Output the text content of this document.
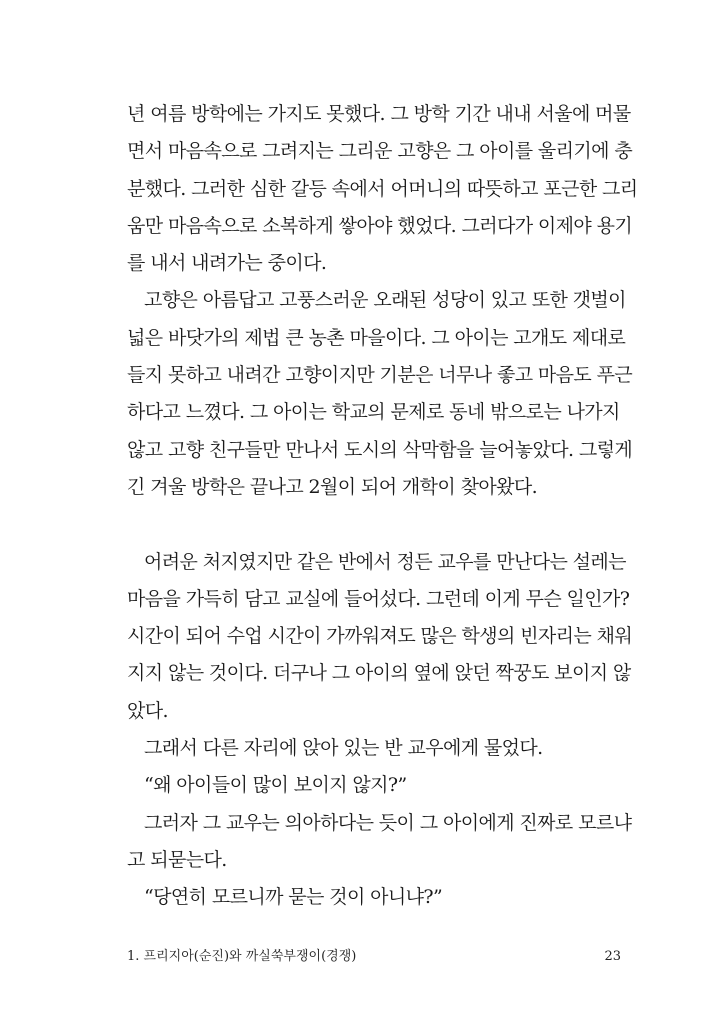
년 여름 방학에는 가지도 못했다. 그 방학 기간 내내 서울에 머물
면서 마음속으로 그려지는 그리운 고향은 그 아이를 울리기에 충
분했다. 그러한 심한 갈등 속에서 어머니의 따뜻하고 포근한 그리
움만 마음속으로 소복하게 쌓아야 했었다. 그러다가 이제야 용기
를 내서 내려가는 중이다.
고향은 아름답고 고풍스러운 오래된 성당이 있고 또한 갯벌이
넓은 바닷가의 제법 큰 농촌 마을이다. 그 아이는 고개도 제대로
들지 못하고 내려간 고향이지만 기분은 너무나 좋고 마음도 푸근
하다고 느꼈다. 그 아이는 학교의 문제로 동네 밖으로는 나가지
않고 고향 친구들만 만나서 도시의 삭막함을 늘어놓았다. 그렇게
긴 겨울 방학은 끝나고 2월이 되어 개학이 찾아왔다.
어려운 처지였지만 같은 반에서 정든 교우를 만난다는 설레는
마음을 가득히 담고 교실에 들어섰다. 그런데 이게 무슨 일인가?
시간이 되어 수업 시간이 가까워져도 많은 학생의 빈자리는 채워
지지 않는 것이다. 더구나 그 아이의 옆에 앉던 짝꿍도 보이지 않
았다.
그래서 다른 자리에 앉아 있는 반 교우에게 물었다.
“왜 아이들이 많이 보이지 않지?”
그러자 그 교우는 의아하다는 듯이 그 아이에게 진짜로 모르냐
고 되묻는다.
“당연히 모르니까 묻는 것이 아니냐?”
1. 프리지아(순진)와 까실쑥부쟁이(경쟁)	23
